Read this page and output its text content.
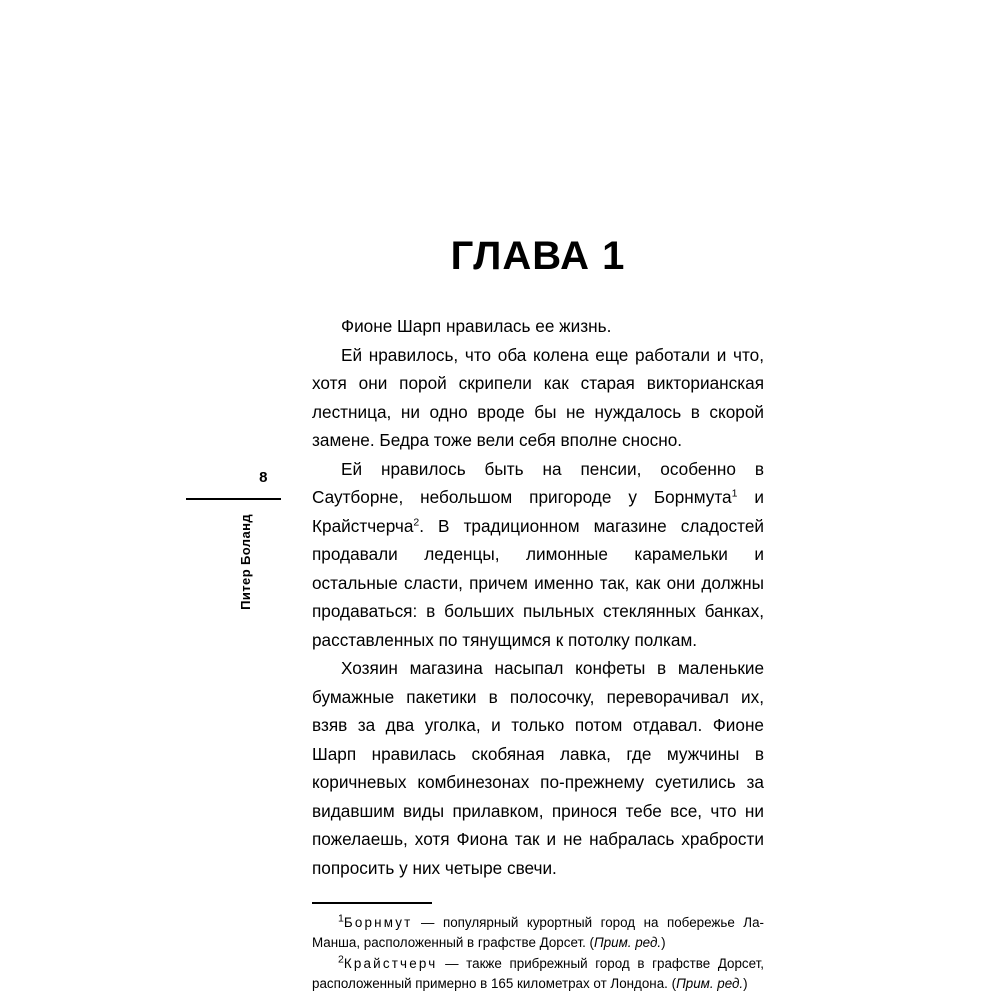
8
Питер Боланд
ГЛАВА 1

Фионе Шарп нравилась ее жизнь.

Ей нравилось, что оба колена еще работали и что, хотя они порой скрипели как старая викторианская лестница, ни одно вроде бы не нуждалось в скорой замене. Бедра тоже вели себя вполне сносно.

Ей нравилось быть на пенсии, особенно в Саутборне, небольшом пригороде у Борнмута$^1$ и Крайстчерча$^2$. В традиционном магазине сладостей продавали леденцы, лимонные карамельки и остальные сласти, причем именно так, как они должны продаваться: в больших пыльных стеклянных банках, расставленных по тянущимся к потолку полкам.

Хозяин магазина насыпал конфеты в маленькие бумажные пакетики в полосочку, переворачивал их, взяв за два уголка, и только потом отдавал. Фионе Шарп нравилась скобяная лавка, где мужчины в коричневых комбинезонах по-прежнему суетились за видавшим виды прилавком, принося тебе все, что ни пожелаешь, хотя Фиона так и не набралась храбрости попросить у них четыре свечи.

$^1$Борнмут — популярный курортный город на побережье Ла-Манша, расположенный в графстве Дорсет. (Прим. ред.)

$^2$Крайстчерч — также прибрежный город в графстве Дорсет, расположенный примерно в 165 километрах от Лондона. (Прим. ред.)
